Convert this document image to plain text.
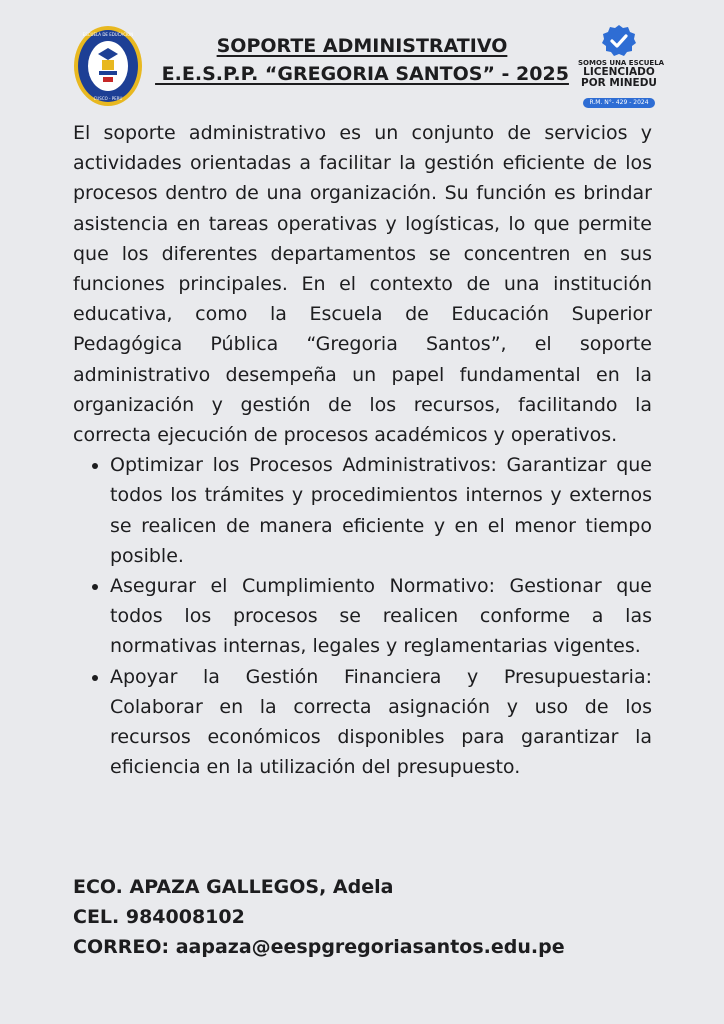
ESCUELA DE EDUCACION
CUSCO - PERU
SOPORTE ADMINISTRATIVO
E.E.S.P.P. “GREGORIA SANTOS” - 2025	SOMOS UNA ESCUELA
LICENCIADO
POR MINEDU
R.M. N°- 429 - 2024

El soporte administrativo es un conjunto de servicios y actividades orientadas a facilitar la gestión eficiente de los procesos dentro de una organización. Su función es brindar asistencia en tareas operativas y logísticas, lo que permite que los diferentes departamentos se concentren en sus funciones principales. En el contexto de una institución educativa, como la Escuela de Educación Superior Pedagógica Pública “Gregoria Santos”, el soporte administrativo desempeña un papel fundamental en la organización y gestión de los recursos, facilitando la correcta ejecución de procesos académicos y operativos.

• Optimizar los Procesos Administrativos: Garantizar que todos los trámites y procedimientos internos y externos se realicen de manera eficiente y en el menor tiempo posible.
• Asegurar el Cumplimiento Normativo: Gestionar que todos los procesos se realicen conforme a las normativas internas, legales y reglamentarias vigentes.
• Apoyar la Gestión Financiera y Presupuestaria: Colaborar en la correcta asignación y uso de los recursos económicos disponibles para garantizar la eficiencia en la utilización del presupuesto.
ECO. APAZA GALLEGOS, Adela
CEL. 984008102
CORREO: aapaza@eespgregoriasantos.edu.pe
